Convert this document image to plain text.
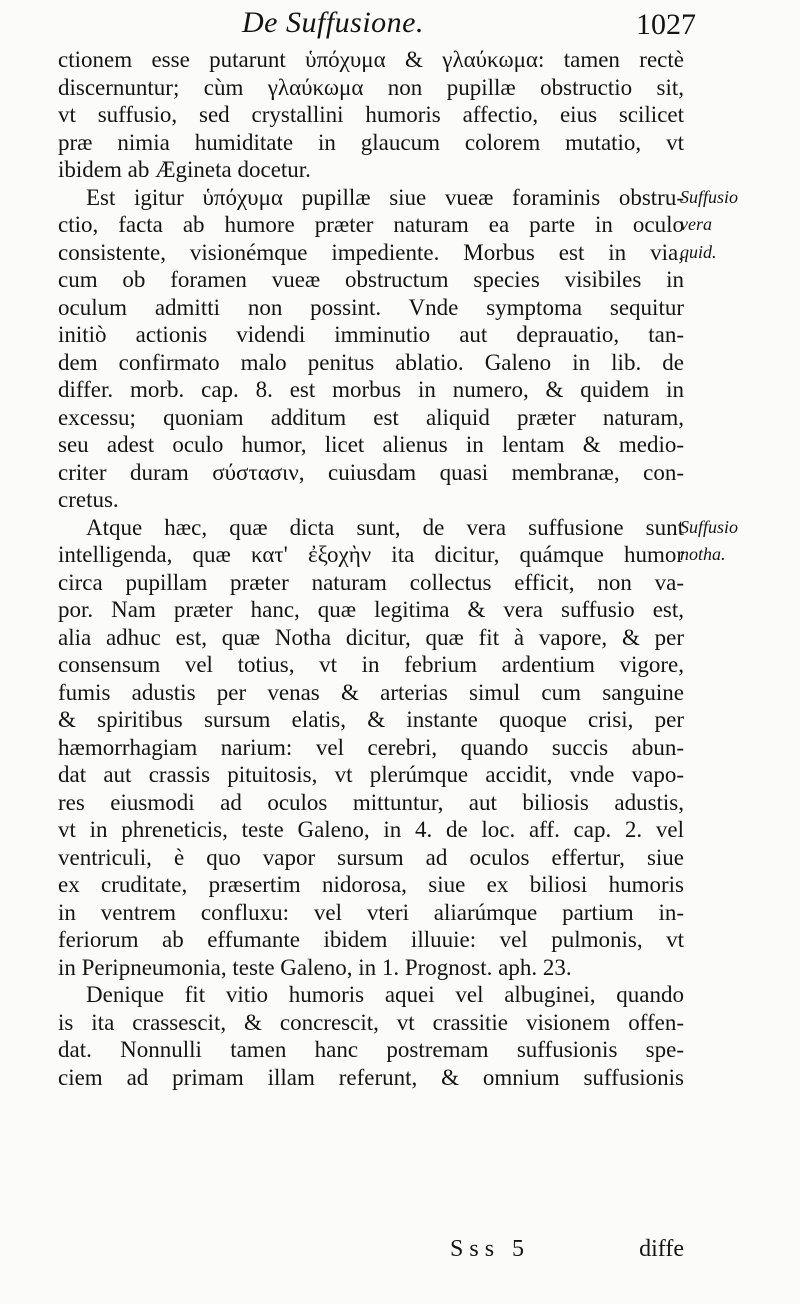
De Suffusione.	1027
ctionem esse putarunt ὑπόχυμα & γλαύκωμα: tamen rectè
discernuntur; cùm γλαύκωμα non pupillæ obstructio sit,
vt suffusio, sed crystallini humoris affectio, eius scilicet
præ nimia humiditate in glaucum colorem mutatio, vt
ibidem ab Ægineta docetur.
Est igitur ὑπόχυμα pupillæ siue vueæ foraminis obstru-
ctio, facta ab humore præter naturam ea parte in oculo
consistente, visionémque impediente. Morbus est in via,
cum ob foramen vueæ obstructum species visibiles in
oculum admitti non possint. Vnde symptoma sequitur
initiò actionis videndi imminutio aut deprauatio, tan-
dem confirmato malo penitus ablatio. Galeno in lib. de
differ. morb. cap. 8. est morbus in numero, & quidem in
excessu; quoniam additum est aliquid præter naturam,
seu adest oculo humor, licet alienus in lentam & medio-
criter duram σύστασιν, cuiusdam quasi membranæ, con-
cretus.
Atque hæc, quæ dicta sunt, de vera suffusione sunt
intelligenda, quæ κατ' ἐξοχὴν ita dicitur, quámque humor
circa pupillam præter naturam collectus efficit, non va-
por. Nam præter hanc, quæ legitima & vera suffusio est,
alia adhuc est, quæ Notha dicitur, quæ fit à vapore, & per
consensum vel totius, vt in febrium ardentium vigore,
fumis adustis per venas & arterias simul cum sanguine
& spiritibus sursum elatis, & instante quoque crisi, per
hæmorrhagiam narium: vel cerebri, quando succis abun-
dat aut crassis pituitosis, vt plerúmque accidit, vnde vapo-
res eiusmodi ad oculos mittuntur, aut biliosis adustis,
vt in phreneticis, teste Galeno, in 4. de loc. aff. cap. 2. vel
ventriculi, è quo vapor sursum ad oculos effertur, siue
ex cruditate, præsertim nidorosa, siue ex biliosi humoris
in ventrem confluxu: vel vteri aliarúmque partium in-
feriorum ab effumante ibidem illuuie: vel pulmonis, vt
in Peripneumonia, teste Galeno, in 1. Prognost. aph. 23.
Denique fit vitio humoris aquei vel albuginei, quando
is ita crassescit, & concrescit, vt crassitie visionem offen-
dat. Nonnulli tamen hanc postremam suffusionis spe-
ciem ad primam illam referunt, & omnium suffusionis
Suffusio
vera
quid.
Suffusio
notha.
Sss 5	diffe
